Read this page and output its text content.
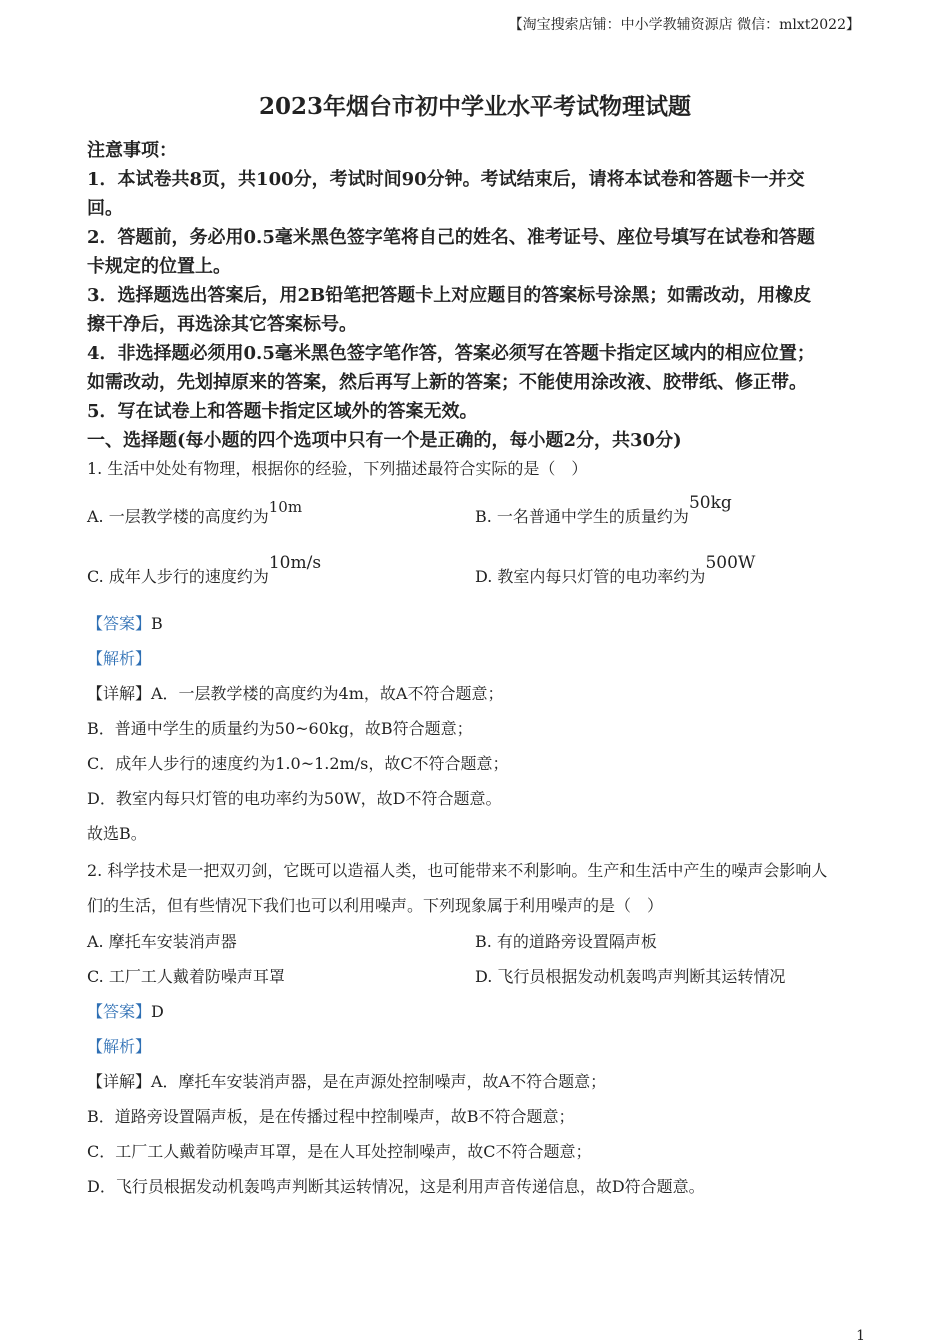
【淘宝搜索店铺：中小学教辅资源店 微信：mlxt2022】
2023年烟台市初中学业水平考试物理试题
注意事项：
1．本试卷共8页，共100分，考试时间90分钟。考试结束后，请将本试卷和答题卡一并交
回。
2．答题前，务必用0.5毫米黑色签字笔将自己的姓名、准考证号、座位号填写在试卷和答题
卡规定的位置上。
3．选择题选出答案后，用2B铅笔把答题卡上对应题目的答案标号涂黑；如需改动，用橡皮
擦干净后，再选涂其它答案标号。
4．非选择题必须用0.5毫米黑色签字笔作答，答案必须写在答题卡指定区域内的相应位置；
如需改动，先划掉原来的答案，然后再写上新的答案；不能使用涂改液、胶带纸、修正带。
5．写在试卷上和答题卡指定区域外的答案无效。
一、选择题(每小题的四个选项中只有一个是正确的，每小题2分，共30分)
1. 生活中处处有物理，根据你的经验，下列描述最符合实际的是（　）
A. 一层教学楼的高度约为10m	B. 一名普通中学生的质量约为50kg
C. 成年人步行的速度约为10m/s
D. 教室内每只灯管的电功率约为500W
【答案】B
【解析】
【详解】A．一层教学楼的高度约为4m，故A不符合题意；
B．普通中学生的质量约为50~60kg，故B符合题意；
C．成年人步行的速度约为1.0~1.2m/s，故C不符合题意；
D．教室内每只灯管的电功率约为50W，故D不符合题意。
故选B。
2. 科学技术是一把双刃剑，它既可以造福人类，也可能带来不利影响。生产和生活中产生的噪声会影响人
们的生活，但有些情况下我们也可以利用噪声。下列现象属于利用噪声的是（　）
A. 摩托车安装消声器	B. 有的道路旁设置隔声板
C. 工厂工人戴着防噪声耳罩	D. 飞行员根据发动机轰鸣声判断其运转情况
【答案】D
【解析】
【详解】A．摩托车安装消声器，是在声源处控制噪声，故A不符合题意；
B．道路旁设置隔声板，是在传播过程中控制噪声，故B不符合题意；
C．工厂工人戴着防噪声耳罩，是在人耳处控制噪声，故C不符合题意；
D．飞行员根据发动机轰鸣声判断其运转情况，这是利用声音传递信息，故D符合题意。
1
